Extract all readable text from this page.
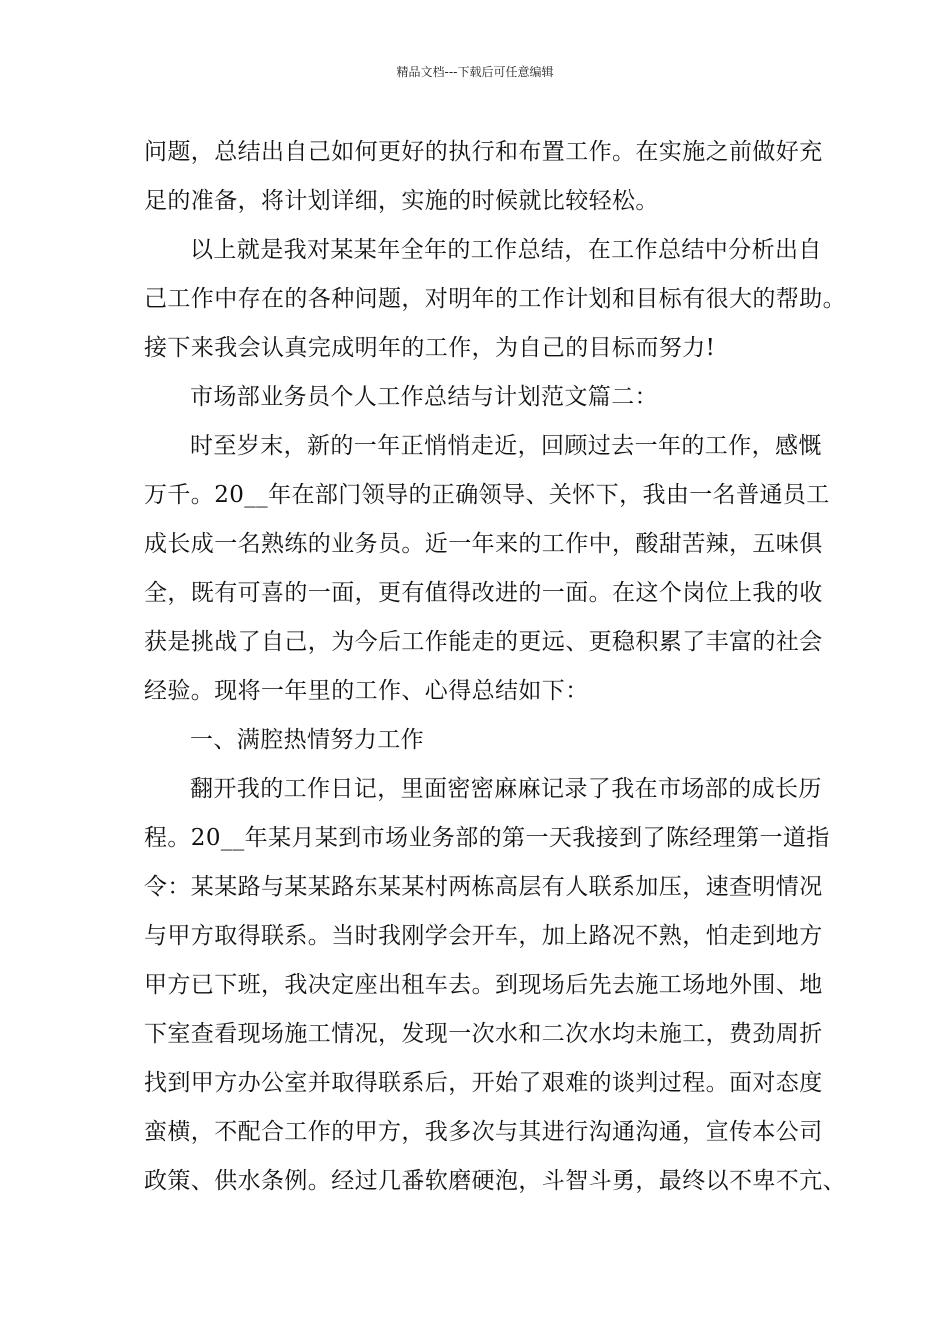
精品文档---下载后可任意编辑
问题，总结出自己如何更好的执行和布置工作。在实施之前做好充
足的准备，将计划详细，实施的时候就比较轻松。
以上就是我对某某年全年的工作总结，在工作总结中分析出自
己工作中存在的各种问题，对明年的工作计划和目标有很大的帮助。
接下来我会认真完成明年的工作，为自己的目标而努力!
市场部业务员个人工作总结与计划范文篇二：
时至岁末，新的一年正悄悄走近，回顾过去一年的工作，感慨
万千。20__年在部门领导的正确领导、关怀下，我由一名普通员工
成长成一名熟练的业务员。近一年来的工作中，酸甜苦辣，五味俱
全，既有可喜的一面，更有值得改进的一面。在这个岗位上我的收
获是挑战了自己，为今后工作能走的更远、更稳积累了丰富的社会
经验。现将一年里的工作、心得总结如下：
一、满腔热情努力工作
翻开我的工作日记，里面密密麻麻记录了我在市场部的成长历
程。20__年某月某到市场业务部的第一天我接到了陈经理第一道指
令：某某路与某某路东某某村两栋高层有人联系加压，速查明情况
与甲方取得联系。当时我刚学会开车，加上路况不熟，怕走到地方
甲方已下班，我决定座出租车去。到现场后先去施工场地外围、地
下室查看现场施工情况，发现一次水和二次水均未施工，费劲周折
找到甲方办公室并取得联系后，开始了艰难的谈判过程。面对态度
蛮横，不配合工作的甲方，我多次与其进行沟通沟通，宣传本公司
政策、供水条例。经过几番软磨硬泡，斗智斗勇，最终以不卑不亢、
